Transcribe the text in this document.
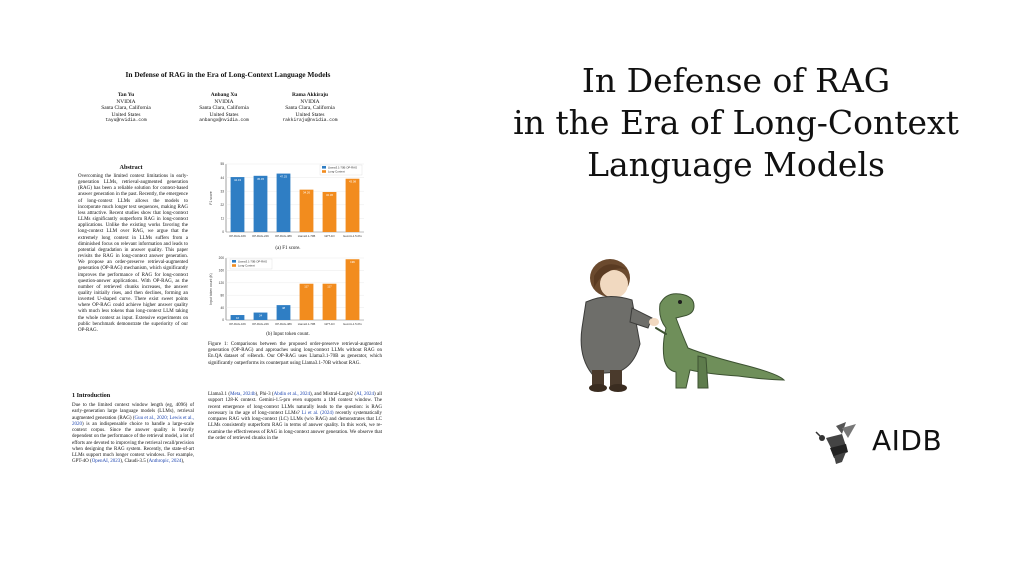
In Defense of RAG in the Era of Long-Context Language Models
Tan Yu
NVIDIA
Santa Clara, California
United States
tayu@nvidia.com
Anbang Xu
NVIDIA
Santa Clara, California
United States
anbangx@nvidia.com
Rama Akkiraju
NVIDIA
Santa Clara, California
United States
rakkiraju@nvidia.com
Abstract
Overcoming the limited context limitations in early-generation LLMs, retrieval-augmented generation (RAG) has been a reliable solution for context-based answer generation in the past. Recently, the emergence of long-context LLMs allows the models to incorporate much longer text sequences, making RAG less attractive. Recent studies show that long-context LLMs significantly outperform RAG in long-context applications. Unlike the existing works favoring the long-context LLM over RAG, we argue that the extremely long context in LLMs suffers from a diminished focus on relevant information and leads to potential degradation in answer quality. This paper revisits the RAG in long-context answer generation. We propose an order-preserve retrieval-augmented generation (OP-RAG) mechanism, which significantly improves the performance of RAG for long-context question-answer applications. With OP-RAG, as the number of retrieved chunks increases, the answer quality initially rises, and then declines, forming an inverted U-shaped curve. There exist sweet points where OP-RAG could achieve higher answer quality with much less tokens than long-context LLM taking the whole context as input. Extensive experiments on public benchmark demonstrate the superiority of our OP-RAG.
1 Introduction
Due to the limited context window length (eg, 4096) of early-generation large language models (LLMs), retrieval augmented generation (RAG) (Guu et al., 2020; Lewis et al., 2020) is an indispensable choice to handle a large-scale context corpus. Since the answer quality is heavily dependent on the performance of the retrieval model, a lot of efforts are devoted to improving the retrieval recall/precision when designing the RAG system. Recently, the state-of-art LLMs support much longer context windows. For example, GPT-4O (OpenAI, 2023), Claudi-3.5 (Anthropic, 2024),
0
11
22
33
44
55
F1 score
44.43
OP-RAG-16K
45.45
OP-RAG-24K
47.25
OP-RAG-48K
34.26
Llama3.1-70B
32.36
GPT-4O
43.08
Gemini-1.5-Pro
Llama3.1-70B OP-RAG
Long-Context
(a) F1 score.
0
40
80
120
160
200
Input token count (K)
16
OP-RAG-16K
24
OP-RAG-24K
48
OP-RAG-48K
117
Llama3.1-70B
117
GPT-4O
196
Gemini-1.5-Pro
Llama3.1-70B OP-RAG
Long-Context
(b) Input token count.
Figure 1: Comparisons between the proposed order-preserve retrieval-augmented generation (OP-RAG) and approaches using long-context LLMs without RAG on En.QA dataset of ∞Bench. Our OP-RAG uses Llama3.1-70B as generator, which significantly outperforms its counterpart using Llama3.1-70B without RAG.
Llama3.1 (Meta, 2024b), Phi-3 (Abdin et al., 2024), and Mistral-Large2 (AI, 2024) all support 128-K context. Gemini-1.5-pro even supports a 1M context window. The recent emergence of long-context LLMs naturally leads to the question: is RAG necessary in the age of long-context LLMs? Li et al. (2024) recently systematically compares RAG with long-context (LC) LLMs (w/o RAG) and demonstrates that LC LLMs consistently outperform RAG in terms of answer quality. In this work, we re-examine the effectiveness of RAG in long-context answer generation. We observe that the order of retrieved chunks in the
In Defense of RAG
in the Era of Long-Context
Language Models
AIDB
